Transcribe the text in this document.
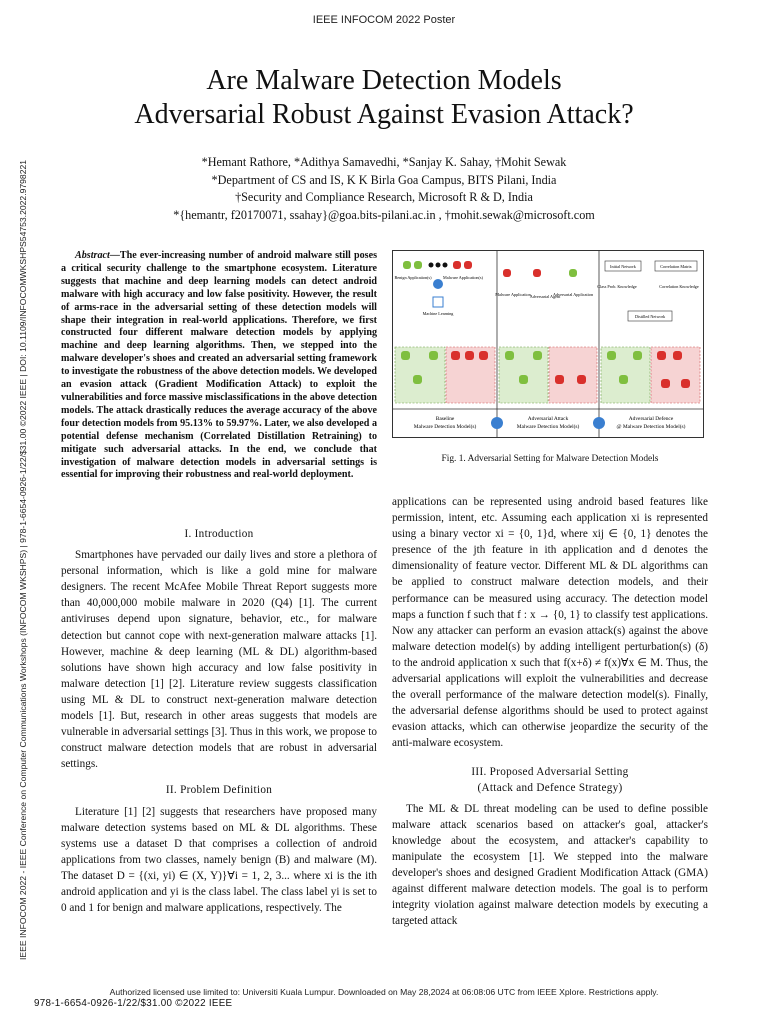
IEEE INFOCOM 2022 Poster
IEEE INFOCOM 2022 - IEEE Conference on Computer Communications Workshops (INFOCOM WKSHPS) | 978-1-6654-0926-1/22/$31.00 ©2022 IEEE | DOI: 10.1109/INFOCOMWKSHPS54753.2022.9798221
Are Malware Detection Models
Adversarial Robust Against Evasion Attack?
*Hemant Rathore, *Adithya Samavedhi, *Sanjay K. Sahay, †Mohit Sewak
*Department of CS and IS, K K Birla Goa Campus, BITS Pilani, India
†Security and Compliance Research, Microsoft R & D, India
*{hemantr, f20170071, ssahay}@goa.bits-pilani.ac.in , †mohit.sewak@microsoft.com

Abstract—The ever-increasing number of android malware still poses a critical security challenge to the smartphone ecosystem. Literature suggests that machine and deep learning models can detect android malware with high accuracy and low false positivity. However, the result of arms-race in the adversarial setting of these detection models will shape their integration in real-world applications. Therefore, we first constructed four different malware detection models by applying machine and deep learning algorithms. Then, we stepped into the malware developer's shoes and created an adversarial setting framework to investigate the robustness of the above detection models. We developed an evasion attack (Gradient Modification Attack) to exploit the vulnerabilities and force massive misclassifications in the above detection models. The attack drastically reduces the average accuracy of the above four detection models from 95.13% to 59.97%. Later, we also developed a potential defense mechanism (Correlated Distillation Retraining) to mitigate such adversarial attacks. In the end, we conclude that investigation of malware detection models in adversarial settings is essential for improving their robustness and real-world deployment.

I. Introduction

Smartphones have pervaded our daily lives and store a plethora of personal information, which is like a gold mine for malware designers. The recent McAfee Mobile Threat Report suggests more than 40,000,000 mobile malware in 2020 (Q4) [1]. The current antiviruses depend upon signature, behavior, etc., for malware detection but cannot cope with next-generation malware attacks [1]. However, machine & deep learning (ML & DL) algorithm-based solutions have shown high accuracy and low false positivity in malware detection [1] [2]. Literature review suggests classification using ML & DL to construct next-generation malware detection models [1]. But, research in other areas suggests that models are vulnerable in adversarial settings [3]. Thus in this work, we propose to construct malware detection models that are robust in adversarial settings.

II. Problem Definition

Literature [1] [2] suggests that researchers have proposed many malware detection systems based on ML & DL algorithms. These systems use a dataset D that comprises a collection of android applications from two classes, namely benign (B) and malware (M). The dataset D = {(xi, yi) ∈ (X, Y)}∀i = 1, 2, 3... where xi is the ith android application and yi is the class label. The class label yi is set to 0 and 1 for benign and malware applications, respectively. The

Benign Application(s)	Malware Application(s)
Machine Learning
Malware Application
Adversarial Agent
Adversarial Application
Initial Network	Correlation Matrix
Class Prob. Knowledge	Correlation Knowledge
Distilled Network
Baseline
Malware Detection Model(s)
Adversarial Attack
Malware Detection Model(s)
Adversarial Defence
@ Malware Detection Model(s)
Fig. 1. Adversarial Setting for Malware Detection Models

applications can be represented using android based features like permission, intent, etc. Assuming each application xi is represented using a binary vector xi = {0, 1}d, where xij ∈ {0, 1} denotes the presence of the jth feature in ith application and d denotes the dimensionality of feature vector. Different ML & DL algorithms can be applied to construct malware detection models, and their performance can be measured using accuracy. The detection model maps a function f such that f : x → {0, 1} to classify test applications. Now any attacker can perform an evasion attack(s) against the above malware detection model(s) by adding intelligent perturbation(s) (δ) to the android application x such that f(x+δ) ≠ f(x)∀x ∈ M. Thus, the adversarial applications will exploit the vulnerabilities and decrease the overall performance of the malware detection model(s). Finally, the adversarial defense algorithms should be used to protect against evasion attacks, which can otherwise jeopardize the security of the anti-malware ecosystem.

III. Proposed Adversarial Setting
(Attack and Defence Strategy)

The ML & DL threat modeling can be used to define possible malware attack scenarios based on attacker's goal, attacker's knowledge about the ecosystem, and attacker's capability to manipulate the ecosystem [1]. We stepped into the malware developer's shoes and designed Gradient Modification Attack (GMA) against different malware detection models. The goal is to perform integrity violation against malware detection models by executing a targeted attack

Authorized licensed use limited to: Universiti Kuala Lumpur. Downloaded on May 28,2024 at 06:08:06 UTC from IEEE Xplore. Restrictions apply.
978-1-6654-0926-1/22/$31.00 ©2022 IEEE
